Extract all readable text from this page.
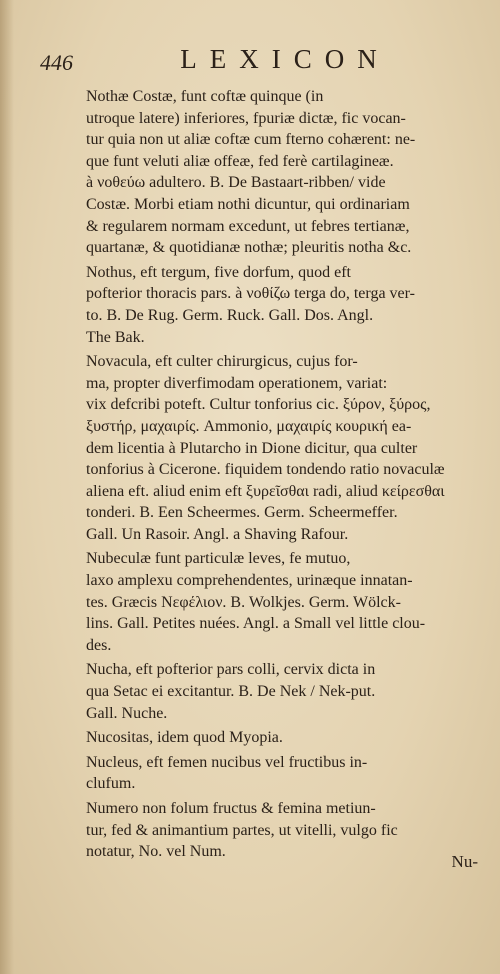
446	LEXICON
Nothæ Costæ, funt coftæ quinque (in
utroque latere) inferiores, fpuriæ dictæ, fic vocan-
tur quia non ut aliæ coftæ cum fterno cohærent: ne-
que funt veluti aliæ offeæ, fed ferè cartilagineæ.
à νοθεύω adultero. B. De Bastaart-ribben/ vide
Costæ. Morbi etiam nothi dicuntur, qui ordinariam
& regularem normam excedunt, ut febres tertianæ,
quartanæ, & quotidianæ nothæ; pleuritis notha &c.
Nothus, eft tergum, five dorfum, quod eft
pofterior thoracis pars. à νοθίζω terga do, terga ver-
to. B. De Rug. Germ. Ruck. Gall. Dos. Angl.
The Bak.
Novacula, eft culter chirurgicus, cujus for-
ma, propter diverfimodam operationem, variat:
vix defcribi poteft. Cultur tonforius cic. ξύρον, ξύρος,
ξυστήρ, μαχαιρίς. Ammonio, μαχαιρίς κουρική ea-
dem licentia à Plutarcho in Dione dicitur, qua culter
tonforius à Cicerone. fiquidem tondendo ratio novaculæ
aliena eft. aliud enim eft ξυρεῖσθαι radi, aliud κείρεσθαι
tonderi. B. Een Scheermes. Germ. Scheermeffer.
Gall. Un Rasoir. Angl. a Shaving Rafour.
Nubeculæ funt particulæ leves, fe mutuo,
laxo amplexu comprehendentes, urinæque innatan-
tes. Græcis Νεφέλιον. B. Wolkjes. Germ. Wölck-
lins. Gall. Petites nuées. Angl. a Small vel little clou-
des.
Nucha, eft pofterior pars colli, cervix dicta in
qua Setac ei excitantur. B. De Nek / Nek-put.
Gall. Nuche.
Nucositas, idem quod Myopia.
Nucleus, eft femen nucibus vel fructibus in-
clufum.
Numero non folum fructus & femina metiun-
tur, fed & animantium partes, ut vitelli, vulgo fic
notatur, No. vel Num.
Nu-
